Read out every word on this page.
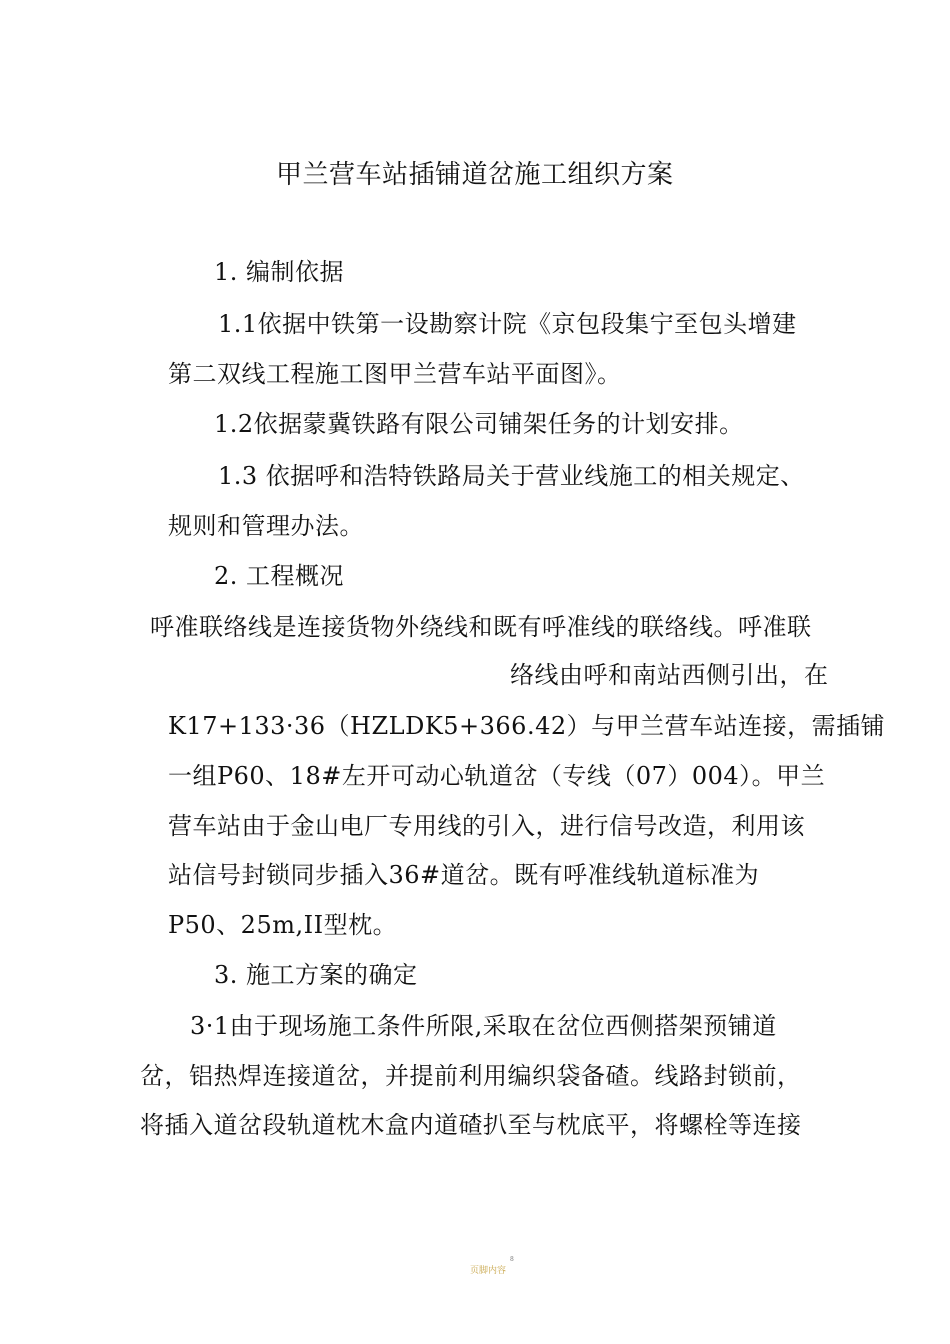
甲兰营车站插铺道岔施工组织方案
1. 编制依据
1.1依据中铁第一设勘察计院《京包段集宁至包头增建
第二双线工程施工图甲兰营车站平面图》。
1.2依据蒙冀铁路有限公司铺架任务的计划安排。
1.3 依据呼和浩特铁路局关于营业线施工的相关规定、
规则和管理办法。
2. 工程概况
呼准联络线是连接货物外绕线和既有呼准线的联络线。呼准联
络线由呼和南站西侧引出，在
K17+133·36（HZLDK5+366.42）与甲兰营车站连接，需插铺
一组P60、18#左开可动心轨道岔（专线（07）004）。甲兰
营车站由于金山电厂专用线的引入，进行信号改造，利用该
站信号封锁同步插入36#道岔。既有呼准线轨道标准为
P50、25m,II型枕。
3. 施工方案的确定
3·1由于现场施工条件所限,采取在岔位西侧搭架预铺道
岔，铝热焊连接道岔，并提前利用编织袋备碴。线路封锁前，
将插入道岔段轨道枕木盒内道碴扒至与枕底平，将螺栓等连接
8
页脚内容
